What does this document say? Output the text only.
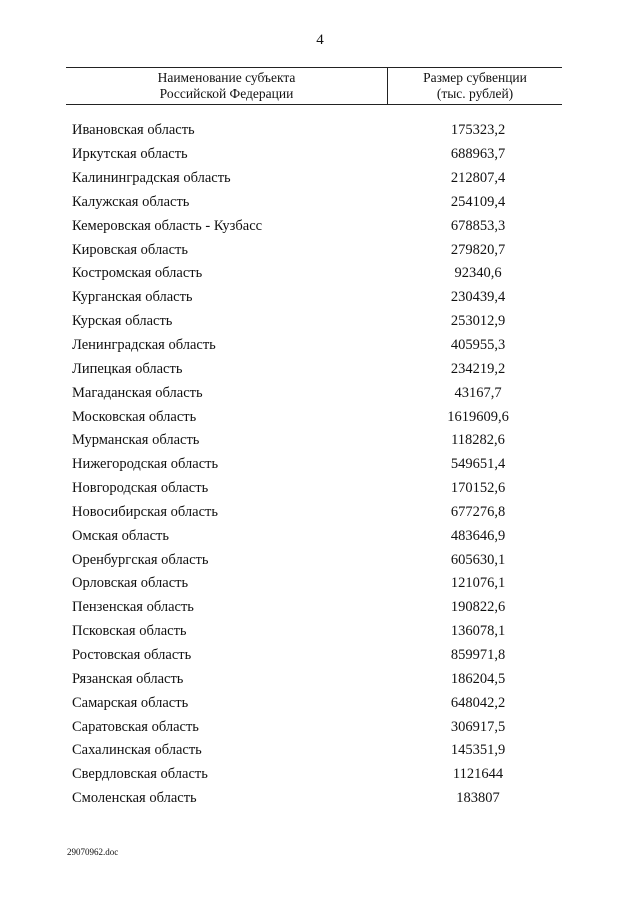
4
Наименование субъекта
Российской Федерации
Размер субвенции
(тыс. рублей)
Ивановская область	175323,2
Иркутская область	688963,7
Калининградская область	212807,4
Калужская область	254109,4
Кемеровская область - Кузбасс	678853,3
Кировская область	279820,7
Костромская область	92340,6
Курганская область	230439,4
Курская область	253012,9
Ленинградская область	405955,3
Липецкая область	234219,2
Магаданская область	43167,7
Московская область	1619609,6
Мурманская область	118282,6
Нижегородская область	549651,4
Новгородская область	170152,6
Новосибирская область	677276,8
Омская область	483646,9
Оренбургская область	605630,1
Орловская область	121076,1
Пензенская область	190822,6
Псковская область	136078,1
Ростовская область	859971,8
Рязанская область	186204,5
Самарская область	648042,2
Саратовская область	306917,5
Сахалинская область	145351,9
Свердловская область	1121644
Смоленская область	183807
29070962.doc
